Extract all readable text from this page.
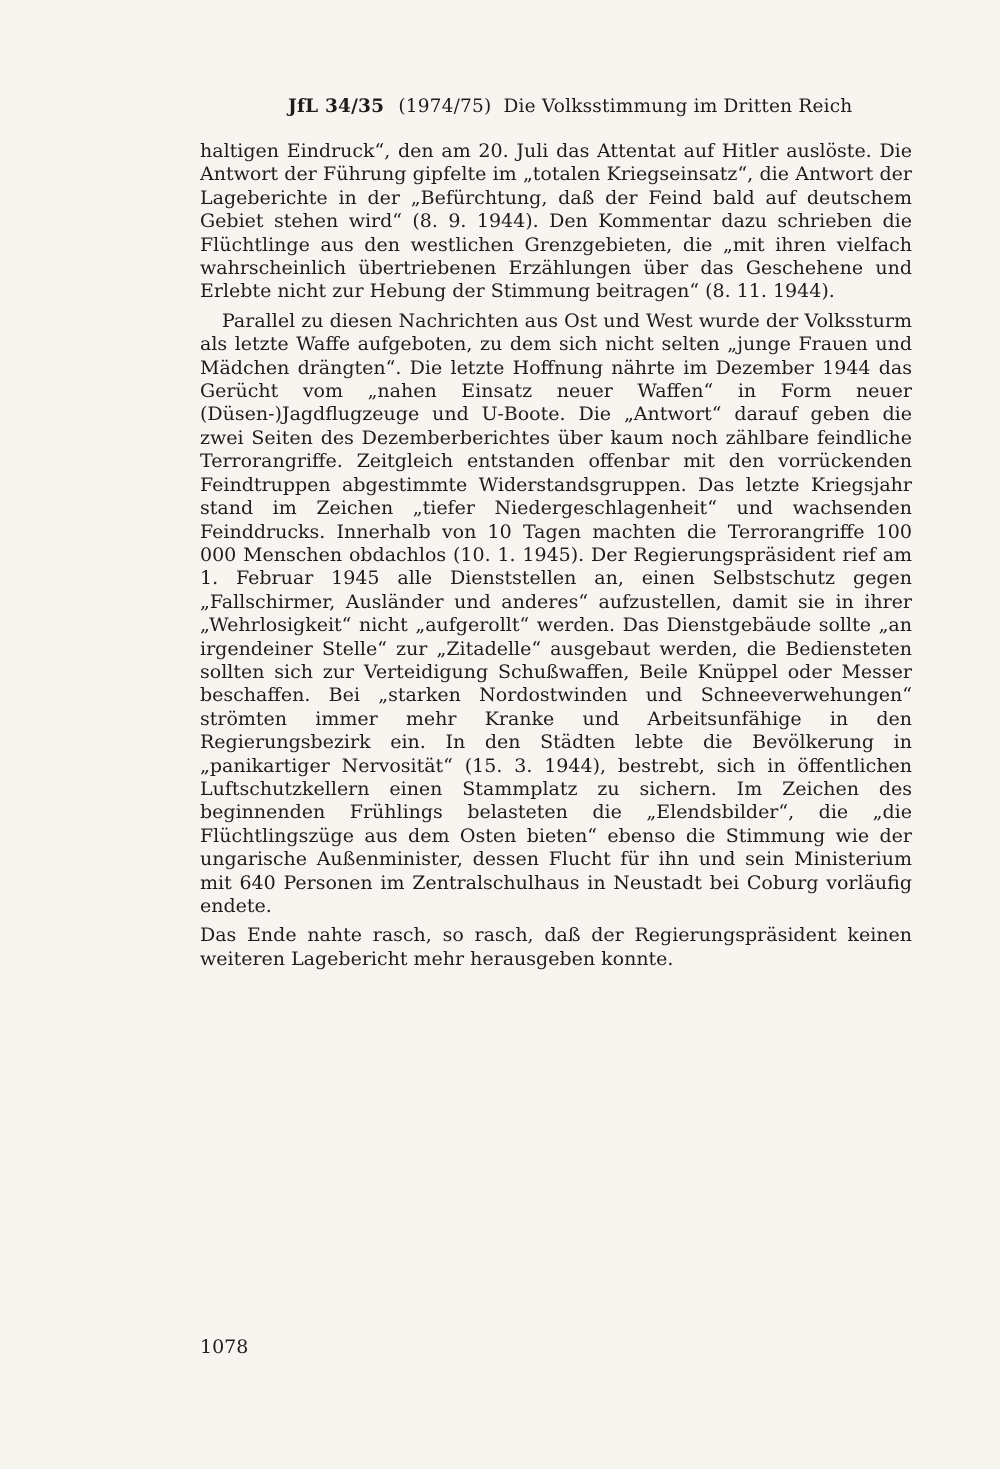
JfL 34/35 (1974/75) Die Volksstimmung im Dritten Reich

haltigen Eindruck“, den am 20. Juli das Attentat auf Hitler auslöste. Die Antwort der Führung gipfelte im „totalen Kriegseinsatz“, die Antwort der Lageberichte in der „Befürchtung, daß der Feind bald auf deutschem Gebiet stehen wird“ (8. 9. 1944). Den Kommentar dazu schrieben die Flüchtlinge aus den westlichen Grenzgebieten, die „mit ihren vielfach wahrscheinlich übertriebenen Erzählungen über das Geschehene und Erlebte nicht zur Hebung der Stimmung beitragen“ (8. 11. 1944).

Parallel zu diesen Nachrichten aus Ost und West wurde der Volkssturm als letzte Waffe aufgeboten, zu dem sich nicht selten „junge Frauen und Mädchen drängten“. Die letzte Hoffnung nährte im Dezember 1944 das Gerücht vom „nahen Einsatz neuer Waffen“ in Form neuer (Düsen-)Jagdflugzeuge und U-Boote. Die „Antwort“ darauf geben die zwei Seiten des Dezemberberichtes über kaum noch zählbare feindliche Terrorangriffe. Zeitgleich entstanden offenbar mit den vorrückenden Feindtruppen abgestimmte Widerstandsgruppen. Das letzte Kriegsjahr stand im Zeichen „tiefer Niedergeschlagenheit“ und wachsenden Feinddrucks. Innerhalb von 10 Tagen machten die Terrorangriffe 100 000 Menschen obdachlos (10. 1. 1945). Der Regierungspräsident rief am 1. Februar 1945 alle Dienststellen an, einen Selbstschutz gegen „Fallschirmer, Ausländer und anderes“ aufzustellen, damit sie in ihrer „Wehrlosigkeit“ nicht „aufgerollt“ werden. Das Dienstgebäude sollte „an irgendeiner Stelle“ zur „Zitadelle“ ausgebaut werden, die Bediensteten sollten sich zur Verteidigung Schußwaffen, Beile Knüppel oder Messer beschaffen. Bei „starken Nordostwinden und Schneeverwehungen“ strömten immer mehr Kranke und Arbeitsunfähige in den Regierungsbezirk ein. In den Städten lebte die Bevölkerung in „panikartiger Nervosität“ (15. 3. 1944), bestrebt, sich in öffentlichen Luftschutzkellern einen Stammplatz zu sichern. Im Zeichen des beginnenden Frühlings belasteten die „Elendsbilder“, die „die Flüchtlingszüge aus dem Osten bieten“ ebenso die Stimmung wie der ungarische Außenminister, dessen Flucht für ihn und sein Ministerium mit 640 Personen im Zentralschulhaus in Neustadt bei Coburg vorläufig endete.

Das Ende nahte rasch, so rasch, daß der Regierungspräsident keinen weiteren Lagebericht mehr herausgeben konnte.

1078
